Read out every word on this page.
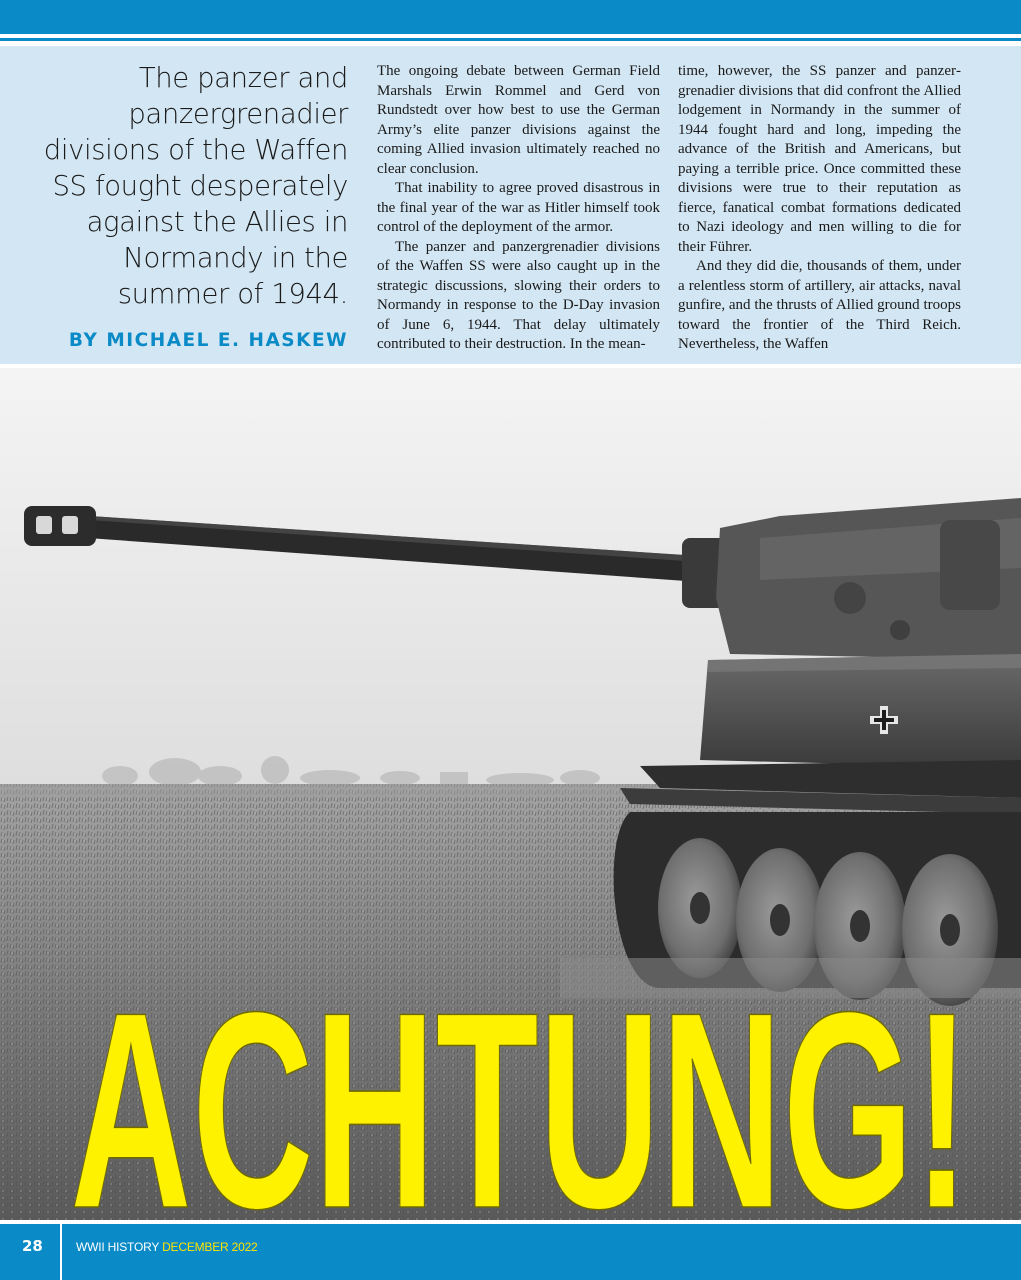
The panzer and
panzergrenadier
divisions of the Waffen
SS fought desperately
against the Allies in
Normandy in the
summer of 1944.
BY MICHAEL E. HASKEW

The ongoing debate between German Field Marshals Erwin Rommel and Gerd von Rundstedt over how best to use the German Army’s elite panzer divisions against the coming Allied invasion ultimately reached no clear conclusion.

That inability to agree proved disastrous in the final year of the war as Hitler himself took control of the deployment of the armor.

The panzer and panzergrenadier divisions of the Waffen SS were also caught up in the strategic discussions, slowing their orders to Normandy in response to the D-Day invasion of June 6, 1944. That delay ultimately contributed to their destruction. In the mean-

time, however, the SS panzer and panzergrenadier divisions that did confront the Allied lodgement in Normandy in the summer of 1944 fought hard and long, impeding the advance of the British and Americans, but paying a terrible price. Once committed these divisions were true to their reputation as fierce, fanatical combat formations dedicated to Nazi ideology and men willing to die for their Führer.

And they did die, thousands of them, under a relentless storm of artillery, air attacks, naval gunfire, and the thrusts of Allied ground troops toward the frontier of the Third Reich. Nevertheless, the Waffen

ACHTUNG!
28	WWII HISTORY DECEMBER 2022
